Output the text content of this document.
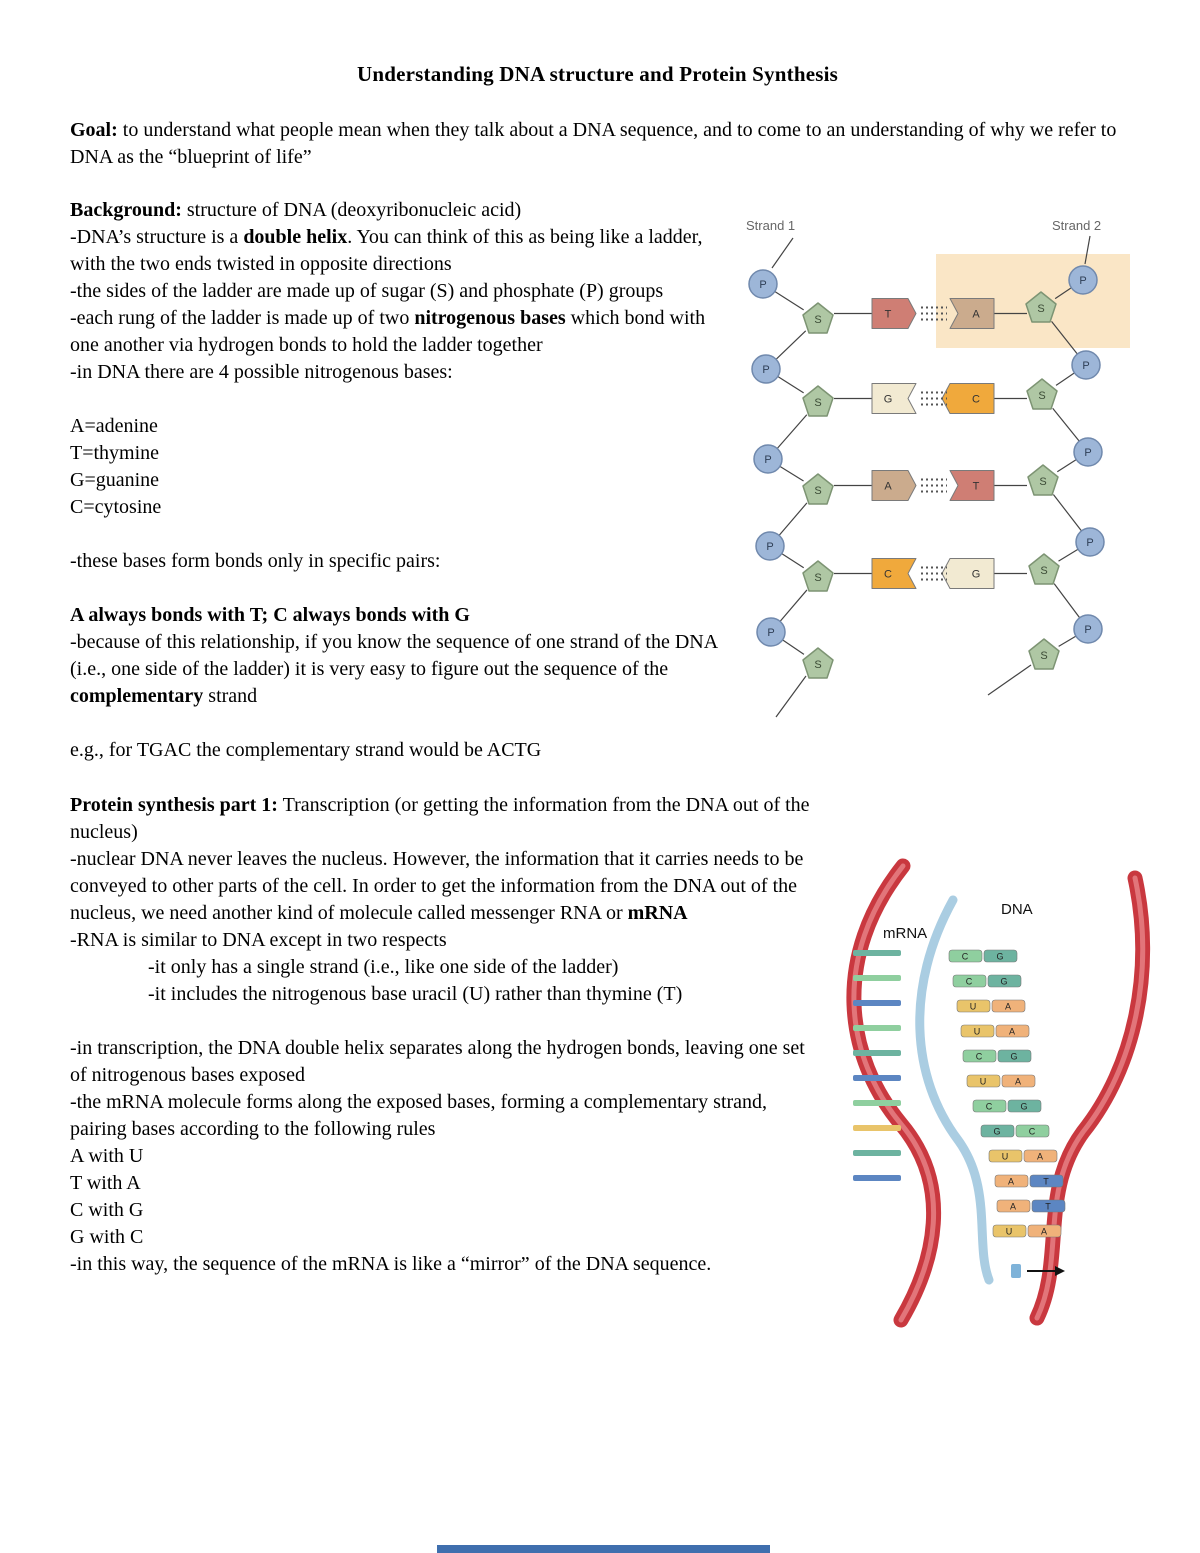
Understanding DNA structure and Protein Synthesis

Goal: to understand what people mean when they talk about a DNA sequence, and to come to an understanding of why we refer to DNA as the “blueprint of life”

Background: structure of DNA (deoxyribonucleic acid)

-DNA’s structure is a double helix. You can think of this as being like a ladder, with the two ends twisted in opposite directions

-the sides of the ladder are made up of sugar (S) and phosphate (P) groups

-each rung of the ladder is made up of two nitrogenous bases which bond with one another via hydrogen bonds to hold the ladder together

-in DNA there are 4 possible nitrogenous bases:

A=adenine

T=thymine

G=guanine

C=cytosine

-these bases form bonds only in specific pairs:

A always bonds with T; C always bonds with G

-because of this relationship, if you know the sequence of one strand of the DNA (i.e., one side of the ladder) it is very easy to figure out the sequence of the complementary strand

e.g., for TGAC the complementary strand would be ACTG

Protein synthesis part 1: Transcription (or getting the information from the DNA out of the nucleus)

-nuclear DNA never leaves the nucleus. However, the information that it carries needs to be conveyed to other parts of the cell. In order to get the information from the DNA out of the nucleus, we need another kind of molecule called messenger RNA or mRNA

-RNA is similar to DNA except in two respects

-it only has a single strand (i.e., like one side of the ladder)

-it includes the nitrogenous base uracil (U) rather than thymine (T)

-in transcription, the DNA double helix separates along the hydrogen bonds, leaving one set of nitrogenous bases exposed

-the mRNA molecule forms along the exposed bases, forming a complementary strand, pairing bases according to the following rules

A with U

T with A

C with G

G with C

-in this way, the sequence of the mRNA is like a “mirror” of the DNA sequence.

Strand 1	Strand 2
T	A
G	C
A	T
C	G
P
P
P
P
P
P
P
P
P
P
S
S
S
S
S
S
S
S
S
S
C	G
C	G
U	A
U	A
C	G
U	A
C	G
G	C
U	A
A	T
A	T
U	A
mRNA
DNA
